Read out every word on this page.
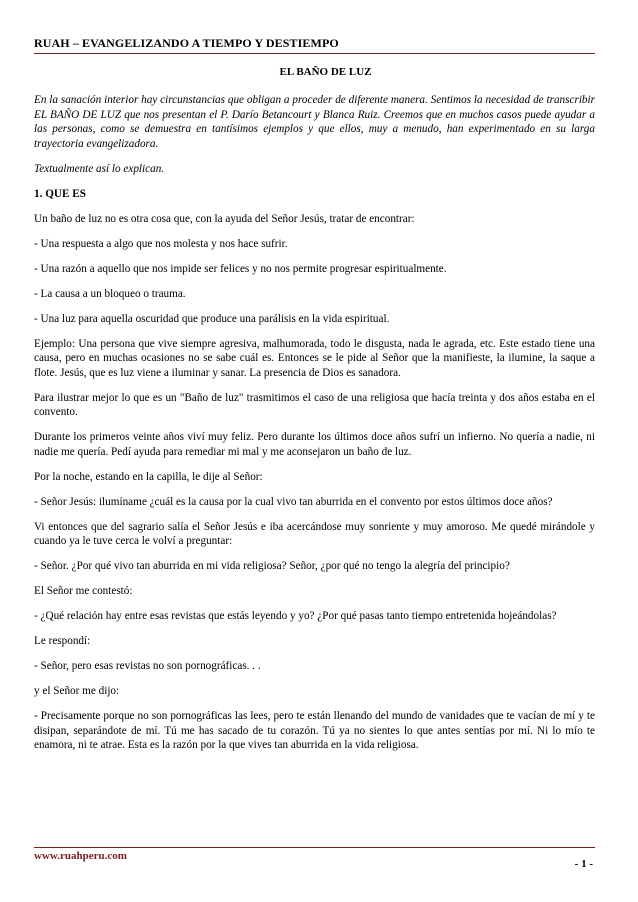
RUAH – EVANGELIZANDO A TIEMPO Y DESTIEMPO
EL BAÑO DE LUZ

En la sanación interior hay circunstancias que obligan a proceder de diferente manera. Sentimos la necesidad de transcribir EL BAÑO DE LUZ que nos presentan el P. Darío Betancourt y Blanca Ruiz. Creemos que en muchos casos puede ayudar a las personas, como se demuestra en tantísimos ejemplos y que ellos, muy a menudo, han experimentado en su larga trayectoria evangelizadora.

Textualmente así lo explican.

1. QUE ES

Un baño de luz no es otra cosa que, con la ayuda del Señor Jesús, tratar de encontrar:

- Una respuesta a algo que nos molesta y nos hace sufrir.

- Una razón a aquello que nos impide ser felices y no nos permite progresar espiritualmente.

- La causa a un bloqueo o trauma.

- Una luz para aquella oscuridad que produce una parálisis en la vida espiritual.

Ejemplo: Una persona que vive siempre agresiva, malhumorada, todo le disgusta, nada le agrada, etc. Este estado tiene una causa, pero en muchas ocasiones no se sabe cuál es. Entonces se le pide al Señor que la manifieste, la ilumine, la saque a flote. Jesús, que es luz viene a iluminar y sanar. La presencia de Dios es sanadora.

Para ilustrar mejor lo que es un "Baño de luz" trasmitimos el caso de una religiosa que hacía treinta y dos años estaba en el convento.

Durante los primeros veinte años viví muy feliz. Pero durante los últimos doce años sufrí un infierno. No quería a nadie, ni nadie me quería. Pedí ayuda para remediar mi mal y me aconsejaron un baño de luz.

Por la noche, estando en la capilla, le dije al Señor:

- Señor Jesús: ilumíname ¿cuál es la causa por la cual vivo tan aburrida en el convento por estos últimos doce años?

Vi entonces que del sagrario salía el Señor Jesús e iba acercándose muy sonriente y muy amoroso. Me quedé mirándole y cuando ya le tuve cerca le volví a preguntar:

- Señor. ¿Por qué vivo tan aburrida en mi vida religiosa? Señor, ¿por qué no tengo la alegría del principio?

El Señor me contestó:

- ¿Qué relación hay entre esas revistas que estás leyendo y yo? ¿Por qué pasas tanto tiempo entretenida hojeándolas?

Le respondí:

- Señor, pero esas revistas no son pornográficas. . .

y el Señor me dijo:

- Precisamente porque no son pornográficas las lees, pero te están llenando del mundo de vanidades que te vacían de mí y te disipan, separándote de mí. Tú me has sacado de tu corazón. Tú ya no sientes lo que antes sentías por mí. Ni lo mío te enamora, ni te atrae. Esta es la razón por la que vives tan aburrida en la vida religiosa.

www.ruahperu.com
- 1 -
